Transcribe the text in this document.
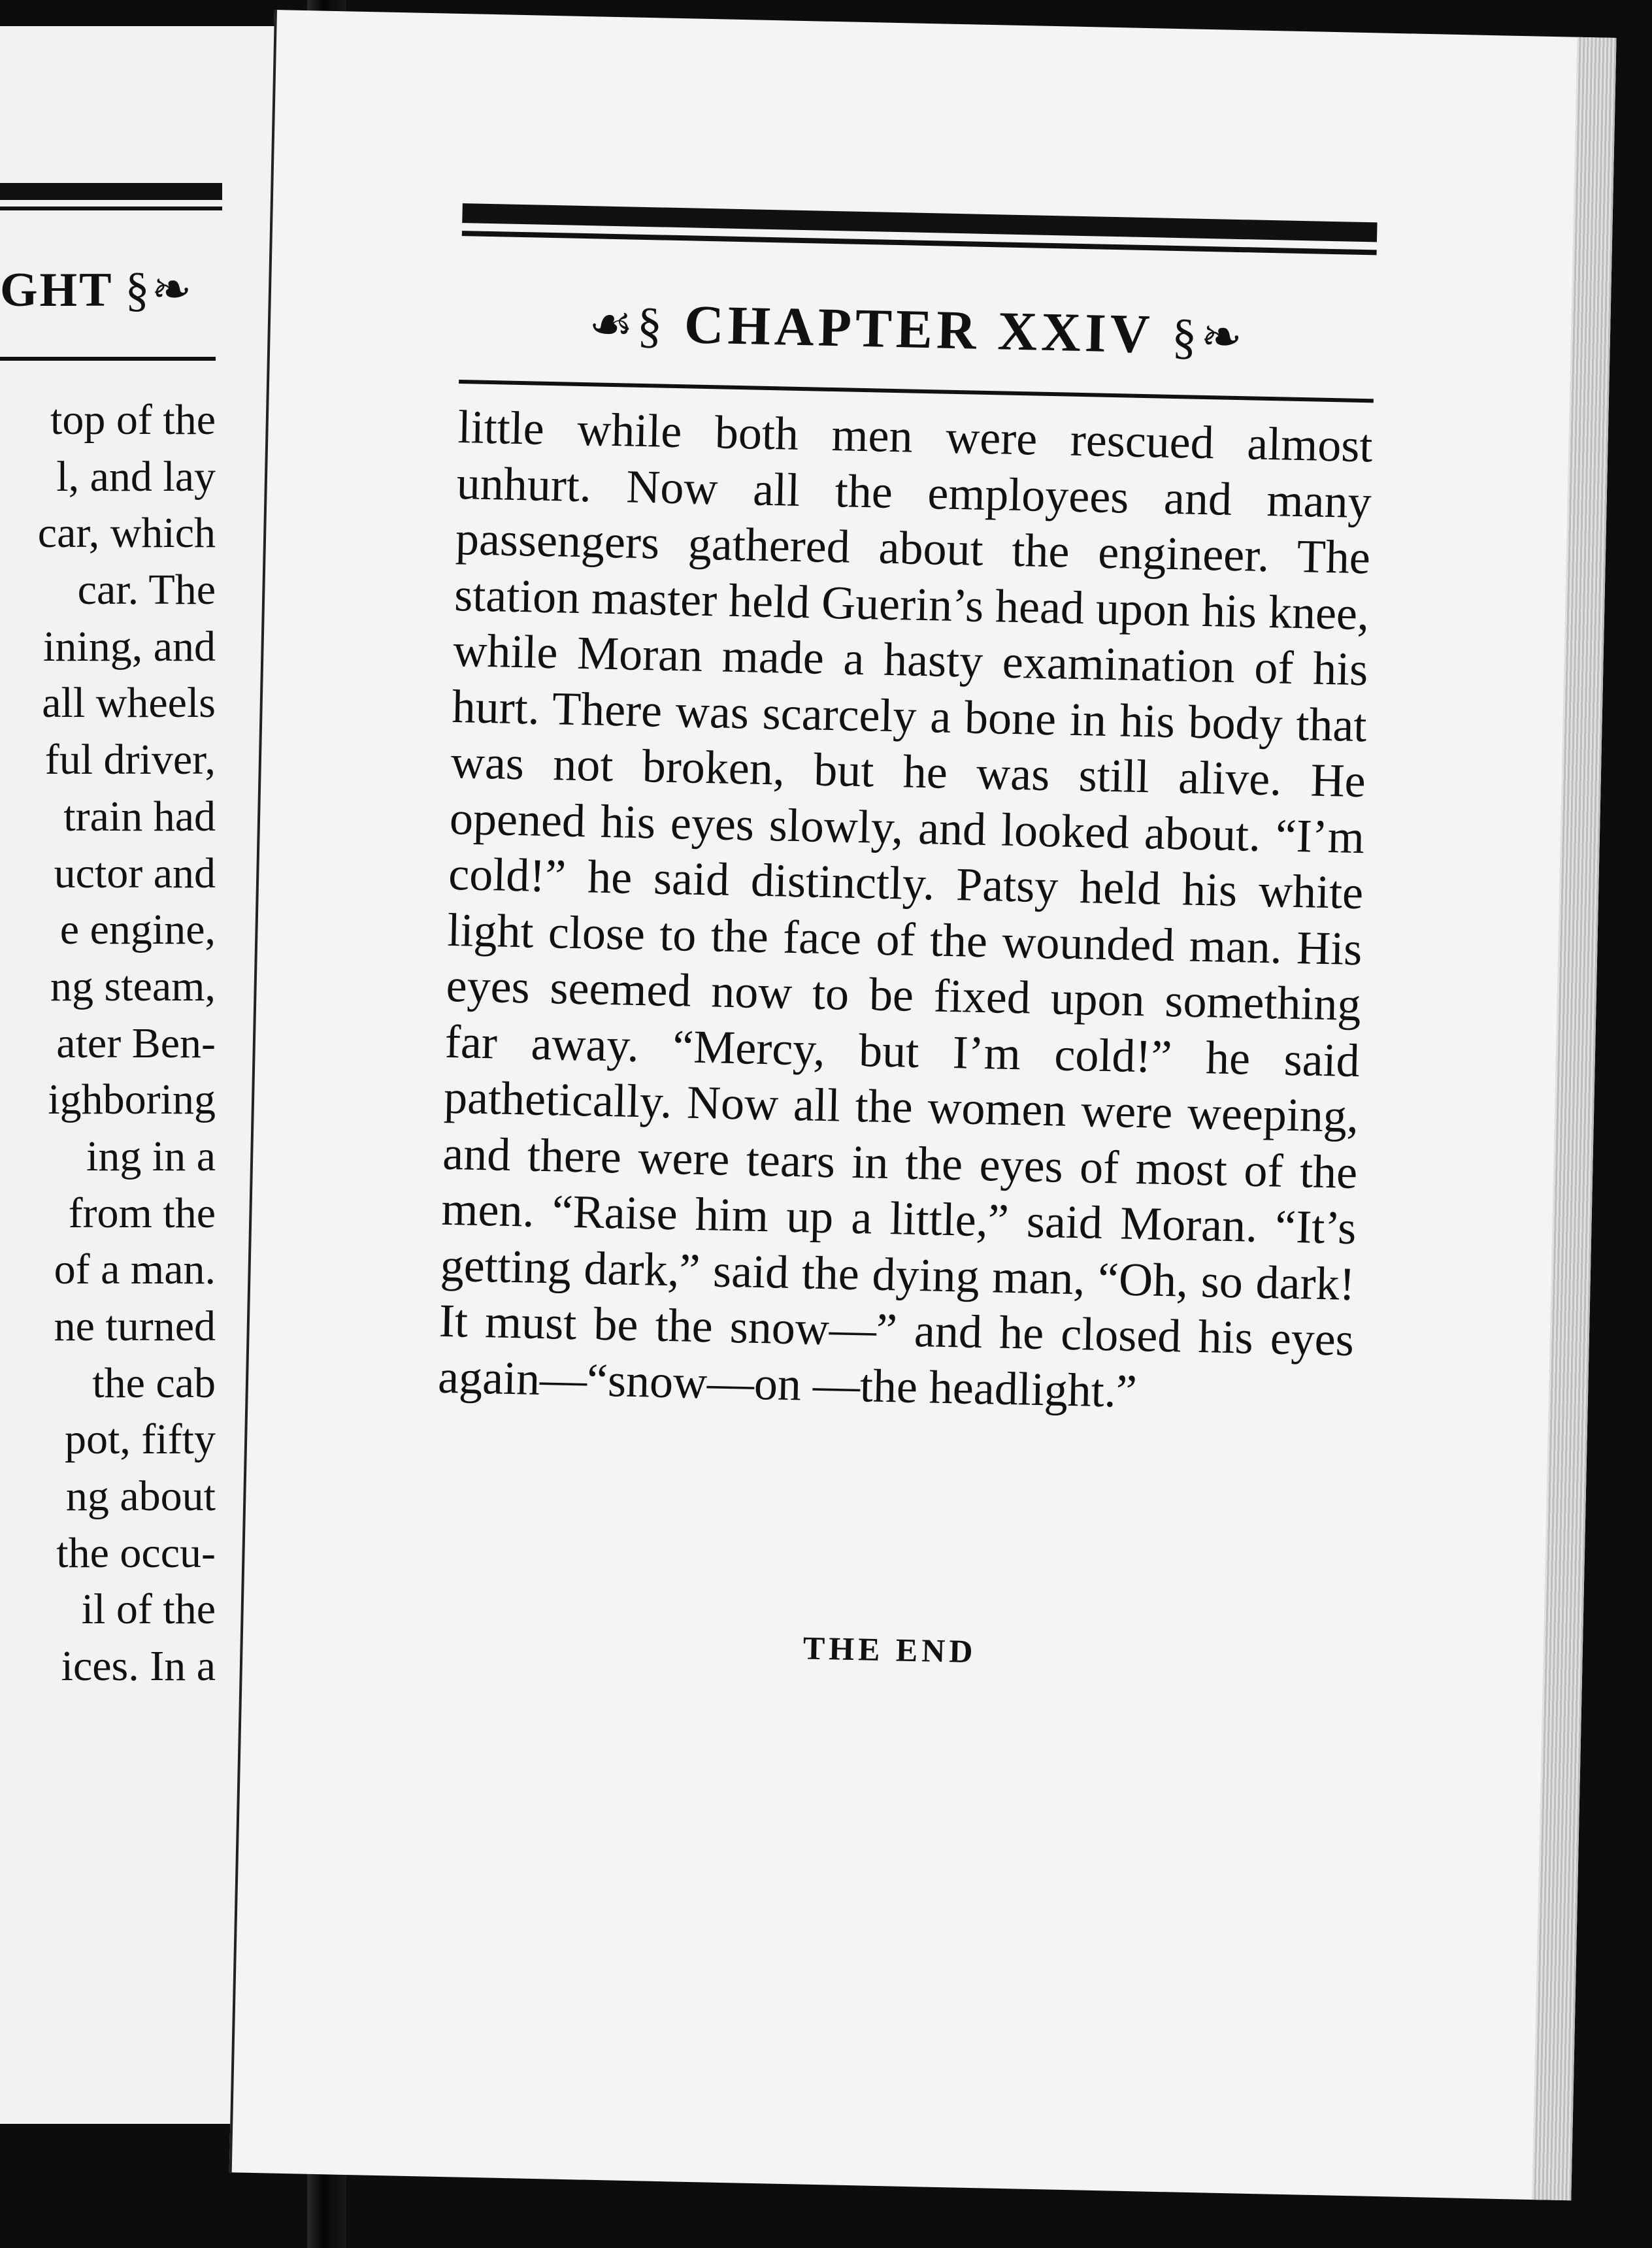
GHT §❧
top of the
l, and lay
car, which
car. The
ining, and
all wheels
ful driver,
train had
uctor and
e engine,
ng steam,
ater Ben-
ighboring
ing in a
from the
of a man.
ne turned
the cab
pot, fifty
ng about
the occu-
il of the
ices. In a
☙§ CHAPTER XXIV §❧

little while both men were rescued almost unhurt. Now all the employees and many passengers gathered about the engineer. The station master held Guerin’s head upon his knee, while Moran made a hasty examination of his hurt. There was scarcely a bone in his body that was not broken, but he was still alive. He opened his eyes slowly, and looked about. “I’m cold!” he said distinctly. Patsy held his white light close to the face of the wounded man. His eyes seemed now to be fixed upon something far away. “Mercy, but I’m cold!” he said pathetically. Now all the women were weeping, and there were tears in the eyes of most of the men. “Raise him up a little,” said Moran. “It’s getting dark,” said the dying man, “Oh, so dark! It must be the snow—” and he closed his eyes again—“snow—on —the headlight.”

THE END
